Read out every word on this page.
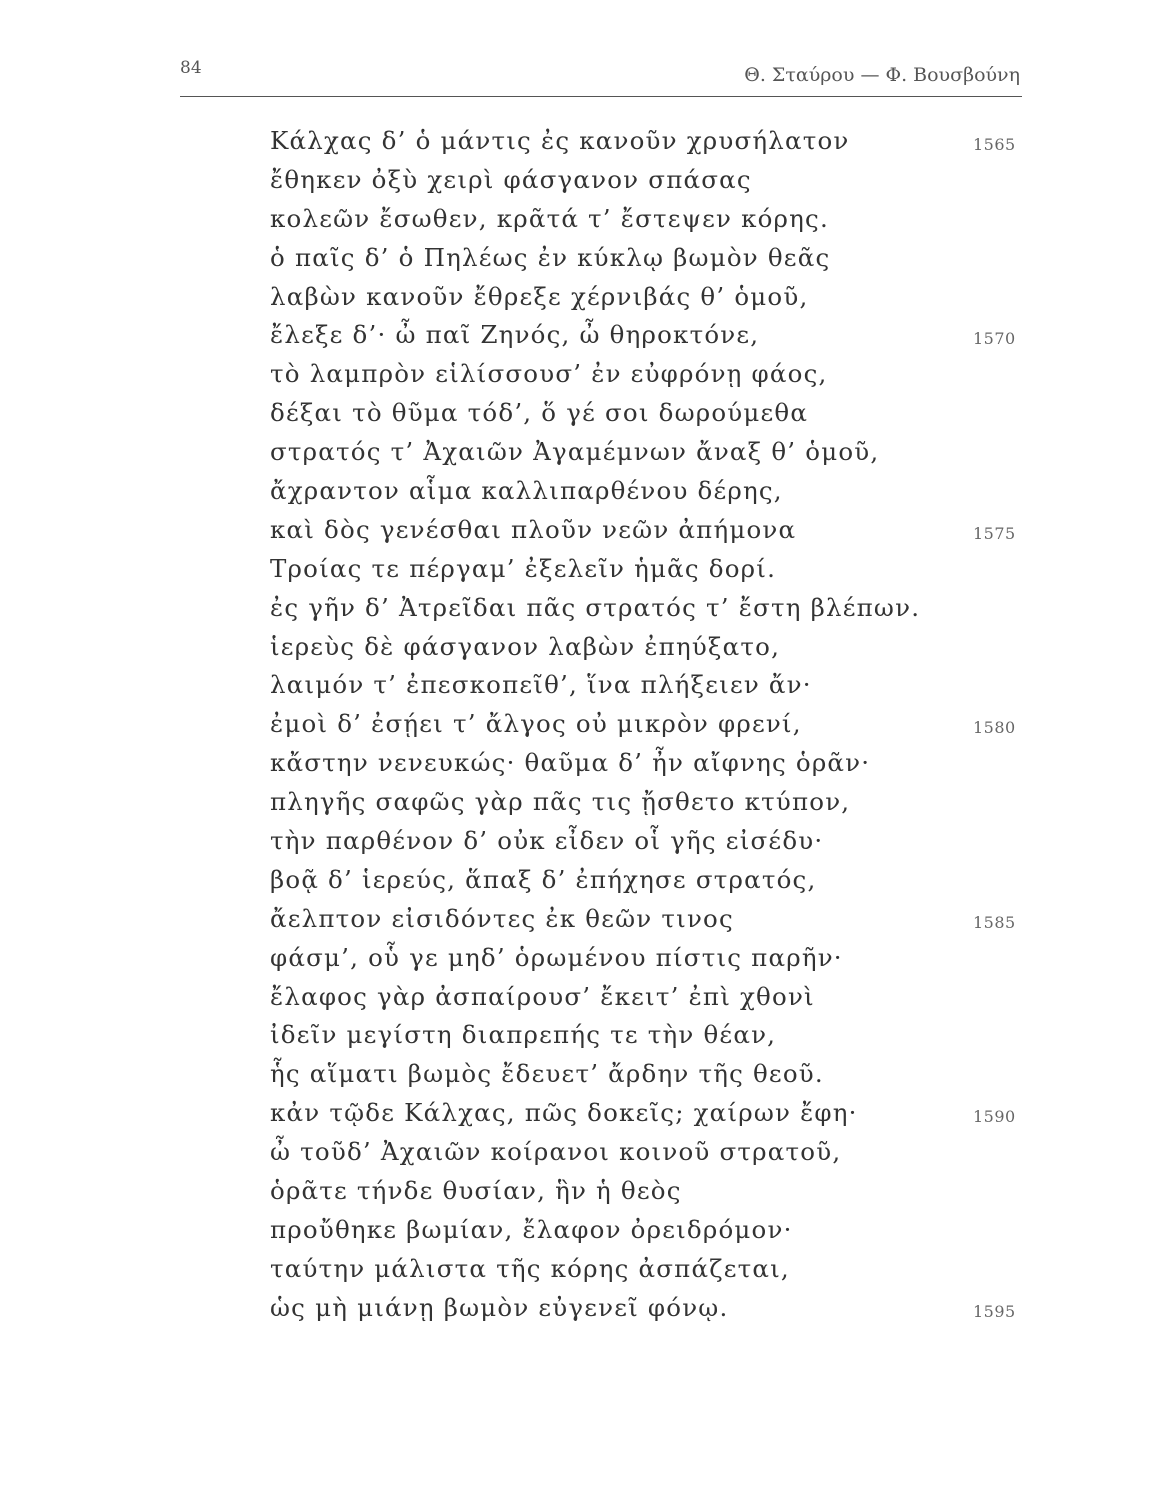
84	Θ. Σταύρου — Φ. Βουσβούνη
Κάλχας δ’ ὁ μάντις ἐς κανοῦν χρυσήλατον	1565
ἔθηκεν ὀξὺ χειρὶ φάσγανον σπάσας
κολεῶν ἔσωθεν, κρᾶτά τ’ ἔστεψεν κόρης.
ὁ παῖς δ’ ὁ Πηλέως ἐν κύκλῳ βωμὸν θεᾶς
λαβὼν κανοῦν ἔθρεξε χέρνιβάς θ’ ὁμοῦ,
ἔλεξε δ’· ὦ παῖ Ζηνός, ὦ θηροκτόνε,	1570
τὸ λαμπρὸν εἱλίσσουσ’ ἐν εὐφρόνῃ φάος,
δέξαι τὸ θῦμα τόδ’, ὅ γέ σοι δωρούμεθα
στρατός τ’ Ἀχαιῶν Ἀγαμέμνων ἄναξ θ’ ὁμοῦ,
ἄχραντον αἷμα καλλιπαρθένου δέρης,
καὶ δὸς γενέσθαι πλοῦν νεῶν ἀπήμονα	1575
Τροίας τε πέργαμ’ ἐξελεῖν ἡμᾶς δορί.
ἐς γῆν δ’ Ἀτρεῖδαι πᾶς στρατός τ’ ἔστη βλέπων.
ἱερεὺς δὲ φάσγανον λαβὼν ἐπηύξατο,
λαιμόν τ’ ἐπεσκοπεῖθ’, ἵνα πλήξειεν ἄν·
ἐμοὶ δ’ ἐσῄει τ’ ἄλγος οὐ μικρὸν φρενί,	1580
κἄστην νενευκώς· θαῦμα δ’ ἦν αἴφνης ὁρᾶν·
πληγῆς σαφῶς γὰρ πᾶς τις ᾔσθετο κτύπον,
τὴν παρθένον δ’ οὐκ εἶδεν οἷ γῆς εἰσέδυ·
βοᾷ δ’ ἱερεύς, ἅπαξ δ’ ἐπήχησε στρατός,
ἄελπτον εἰσιδόντες ἐκ θεῶν τινος	1585
φάσμ’, οὗ γε μηδ’ ὁρωμένου πίστις παρῆν·
ἔλαφος γὰρ ἀσπαίρουσ’ ἔκειτ’ ἐπὶ χθονὶ
ἰδεῖν μεγίστη διαπρεπής τε τὴν θέαν,
ἧς αἵματι βωμὸς ἔδευετ’ ἄρδην τῆς θεοῦ.
κἀν τῷδε Κάλχας, πῶς δοκεῖς; χαίρων ἔφη·	1590
ὦ τοῦδ’ Ἀχαιῶν κοίρανοι κοινοῦ στρατοῦ,
ὁρᾶτε τήνδε θυσίαν, ἣν ἡ θεὸς
προὔθηκε βωμίαν, ἔλαφον ὀρειδρόμον·
ταύτην μάλιστα τῆς κόρης ἀσπάζεται,
ὡς μὴ μιάνῃ βωμὸν εὐγενεῖ φόνῳ.	1595
